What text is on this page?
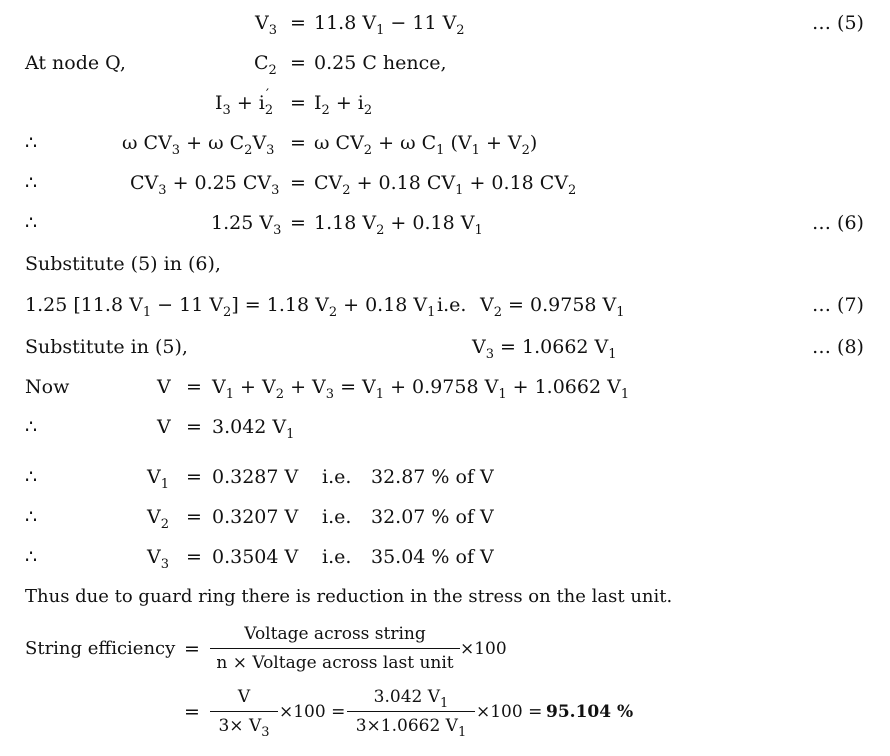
$V_3 = 11.8$ $V_1 - 11$ $V_2$	… (5)
At node Q,	$C_2 = 0.25$ C hence,
$I_3 + i_2$
′ = $I_2 + i_2$
∴	ω $CV_3 + \omega$ $C_2V_3 = \omega$ $CV_2 + \omega$ $C_1$ $(V_1 + V_2)$
∴	$CV_3 + 0.25$ $CV_3 = CV_2 + 0.18$ $CV_1 + 0.18$ $CV_2$
∴	1.25 $V_3 = 1.18$ $V_2 + 0.18$ $V_1$	… (6)
Substitute (5) in (6),
1.25 [11.8 $V_1 - 11$ $V_2] = 1.18$ $V_2 + 0.18$ $V_1$ i.e. $V_2 = 0.9758$ $V_1$	… (7)
Substitute in (5),	$V_3 = 1.0662$ $V_1$	… (8)
Now	$V = V_1 + V_2 + V_3 = V_1 + 0.9758$ $V_1 + 1.0662$ $V_1$
∴	V = 3.042 $V_1$
∴	$V_1 = 0.3287$ V i.e. 32.87 % of V
∴	$V_2 = 0.3207$ V i.e. 32.07 % of V
∴	$V_3 = 0.3504$ V i.e. 35.04 % of V
Thus due to guard ring there is reduction in the stress on the last unit.
String efficiency =
Voltage across string
n × Voltage across last unit
×100
= $\frac{V}{3\times V_3} \times 100 = \frac{3.042 V_1}{3\times 1.0662 V_1} \times 100 = 95.104$ %
